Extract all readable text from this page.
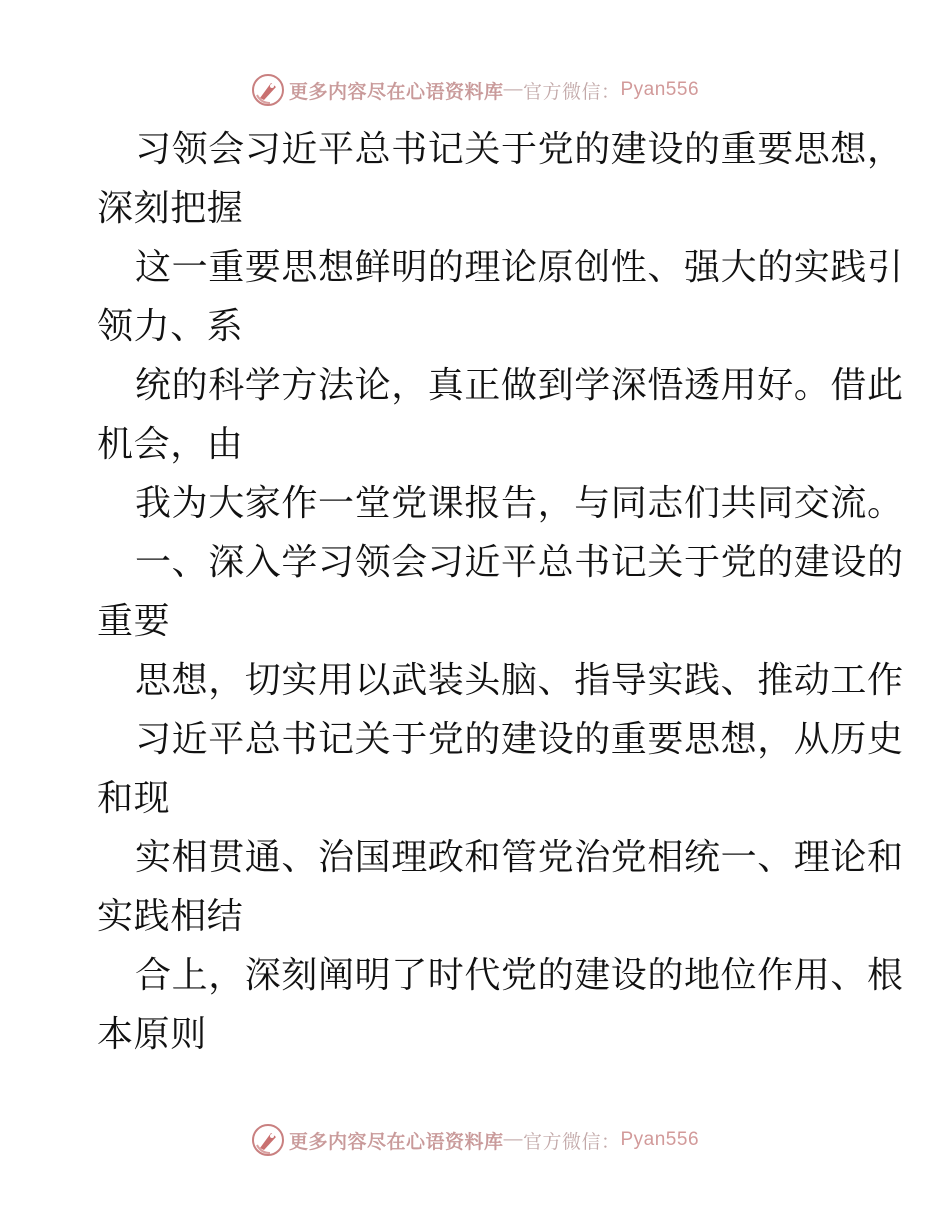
更多内容尽在心语资料库 — 官方微信： Pyan556
习领会习近平总书记关于党的建设的重要思想，
深刻把握
这一重要思想鲜明的理论原创性、强大的实践引
领力、系
统的科学方法论，真正做到学深悟透用好。借此
机会，由
我为大家作一堂党课报告，与同志们共同交流。
一、深入学习领会习近平总书记关于党的建设的
重要
思想，切实用以武装头脑、指导实践、推动工作
习近平总书记关于党的建设的重要思想，从历史
和现
实相贯通、治国理政和管党治党相统一、理论和
实践相结
合上，深刻阐明了时代党的建设的地位作用、根
本原则
更多内容尽在心语资料库 — 官方微信： Pyan556
